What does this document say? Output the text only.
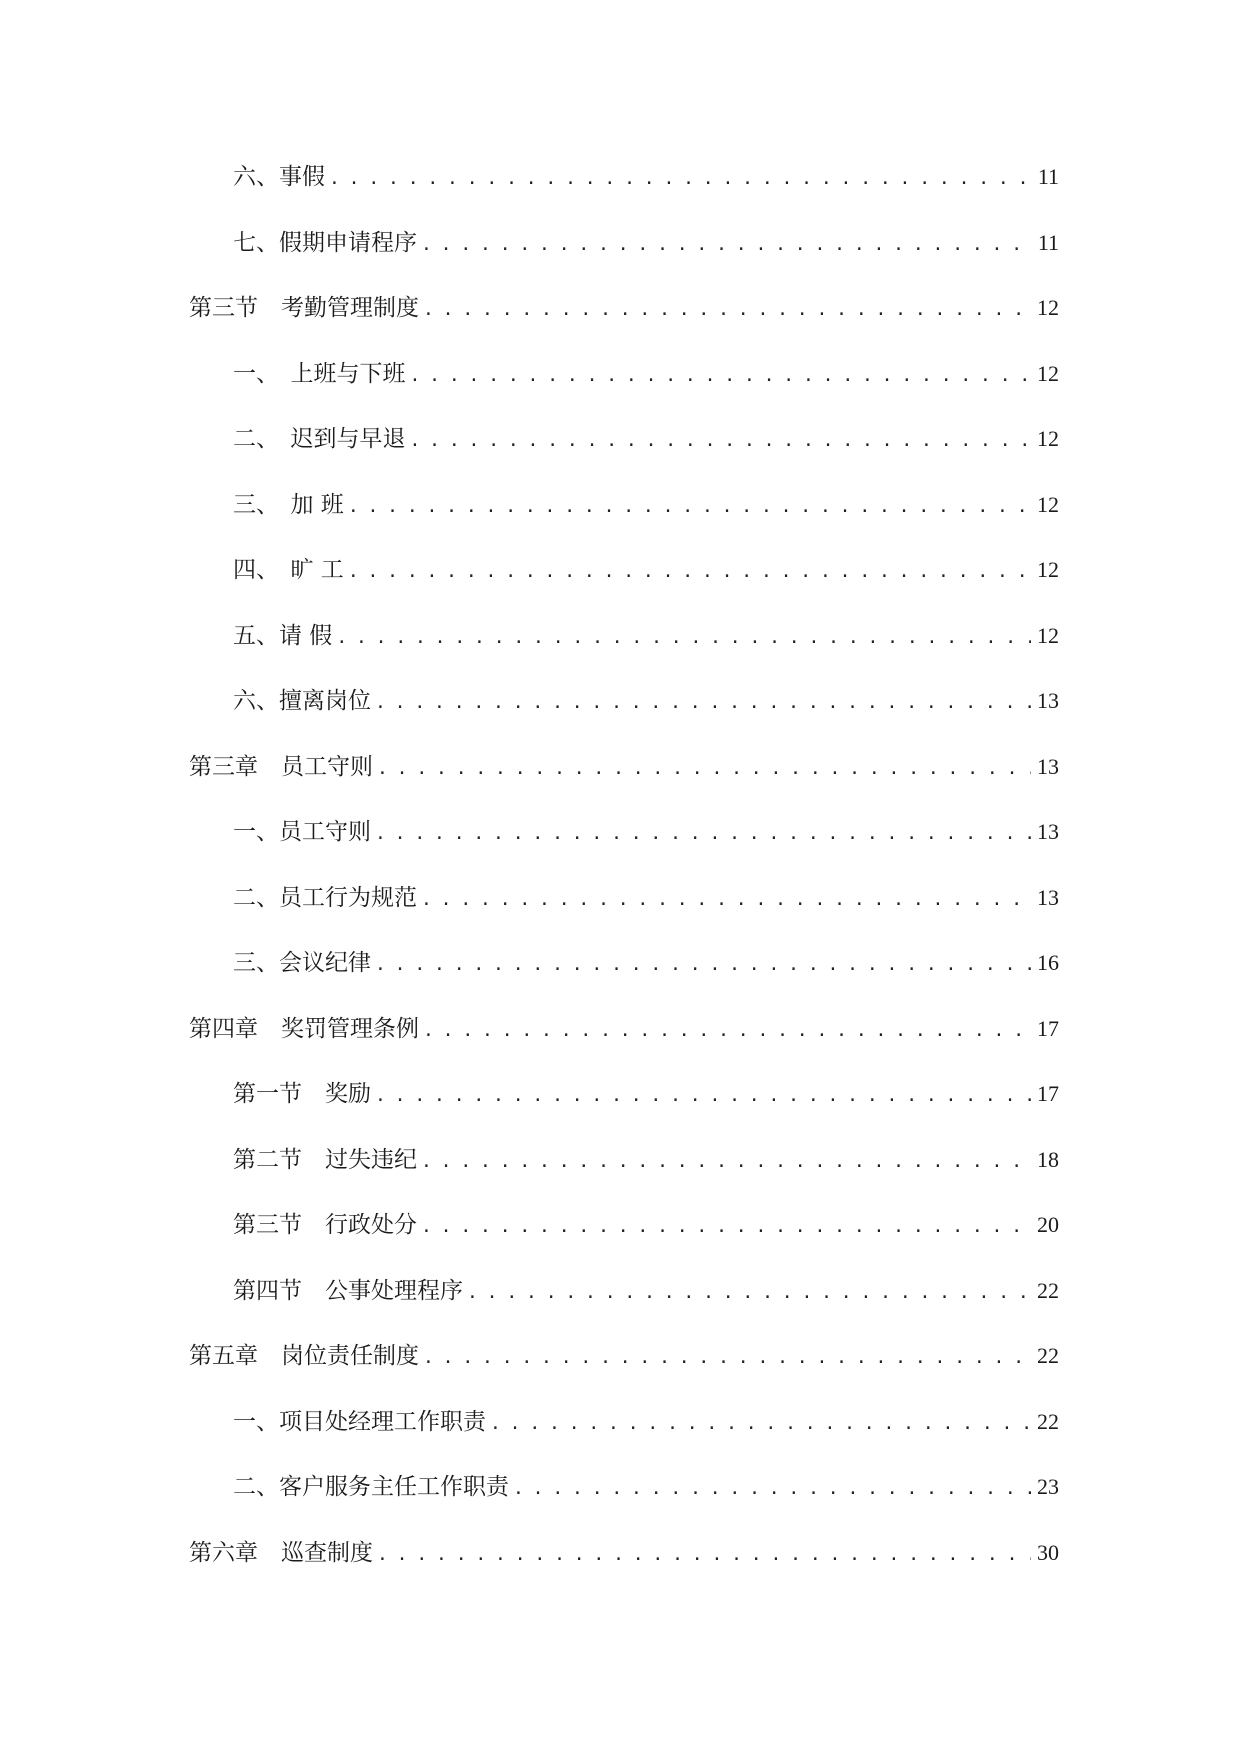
六、事假 . . .	11
七、假期申请程序 . . .	11
第三节　考勤管理制度 . . .	12
一、　上班与下班 . . .	12
二、　迟到与早退 . . .	12
三、　加 班 . . .	12
四、　旷 工 . . .	12
五、请 假 . . .	12
六、擅离岗位 . . .	13
第三章　员工守则 . . .	13
一、员工守则 . . .	13
二、员工行为规范 . . .	13
三、会议纪律 . . .	16
第四章　奖罚管理条例 . . .	17
第一节　奖励 . . .	17
第二节　过失违纪 . . .	18
第三节　行政处分 . . .	20
第四节　公事处理程序 . . .	22
第五章　岗位责任制度 . . .	22
一、项目处经理工作职责 . . .	22
二、客户服务主任工作职责 . . .	23
第六章　巡查制度 . . .	30
